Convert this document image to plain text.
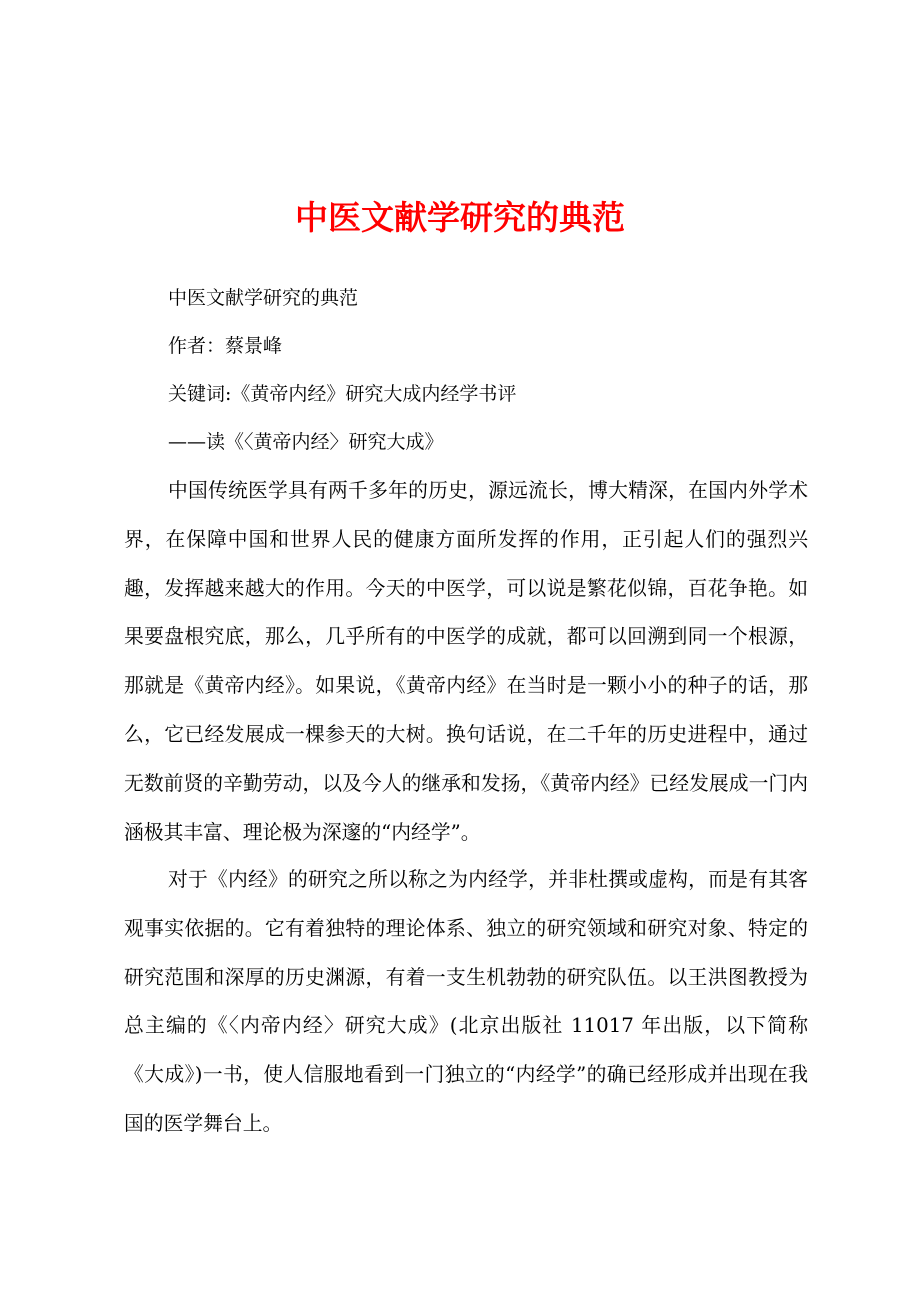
中医文献学研究的典范
中医文献学研究的典范
作者：蔡景峰
关键词:《黄帝内经》研究大成内经学书评
——读《〈黄帝内经〉研究大成》

中国传统医学具有两千多年的历史，源远流长，博大精深，在国内外学术界，在保障中国和世界人民的健康方面所发挥的作用，正引起人们的强烈兴趣，发挥越来越大的作用。今天的中医学，可以说是繁花似锦，百花争艳。如果要盘根究底，那么，几乎所有的中医学的成就，都可以回溯到同一个根源，那就是《黄帝内经》。如果说，《黄帝内经》在当时是一颗小小的种子的话，那么，它已经发展成一棵参天的大树。换句话说，在二千年的历史进程中，通过无数前贤的辛勤劳动，以及今人的继承和发扬，《黄帝内经》已经发展成一门内涵极其丰富、理论极为深邃的“内经学”。

对于《内经》的研究之所以称之为内经学，并非杜撰或虚构，而是有其客观事实依据的。它有着独特的理论体系、独立的研究领域和研究对象、特定的研究范围和深厚的历史渊源，有着一支生机勃勃的研究队伍。以王洪图教授为总主编的《〈内帝内经〉研究大成》(北京出版社 11017 年出版，以下简称《大成》)一书，使人信服地看到一门独立的“内经学”的确已经形成并出现在我国的医学舞台上。
